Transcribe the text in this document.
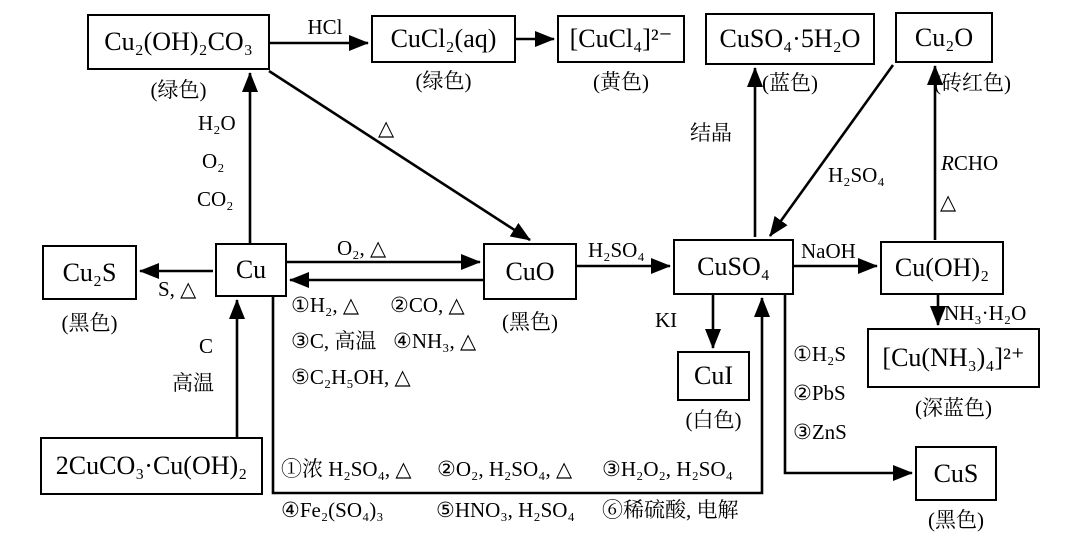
Cu₂(OH)₂CO₃	CuCl₂(aq)	[CuCl₄]²⁻	CuSO₄·5H₂O	Cu₂O
Cu₂S	Cu	CuO	CuSO₄	Cu(OH)₂
CuI
[Cu(NH₃)₄]²⁺
CuS
2CuCO₃·Cu(OH)₂
(绿色)	(绿色)	(黄色)	(蓝色)	(砖红色)
(黑色)	(黑色)
(白色)	(深蓝色)
(黑色)
HCl
H₂O
O₂
CO₂
△
O₂, △
S, △
H₂SO₄	NaOH
结晶
H₂SO₄	RCHO
△
NH₃·H₂O
KI
①H₂S
②PbS
③ZnS
C
高温
①H₂, △ ②CO, △
③C, 高温 ④NH₃, △
⑤C₂H₅OH, △
①浓 H₂SO₄, △ ②O₂, H₂SO₄, △ ③H₂O₂, H₂SO₄
④Fe₂(SO₄)₃ ⑤HNO₃, H₂SO₄ ⑥稀硫酸, 电解
